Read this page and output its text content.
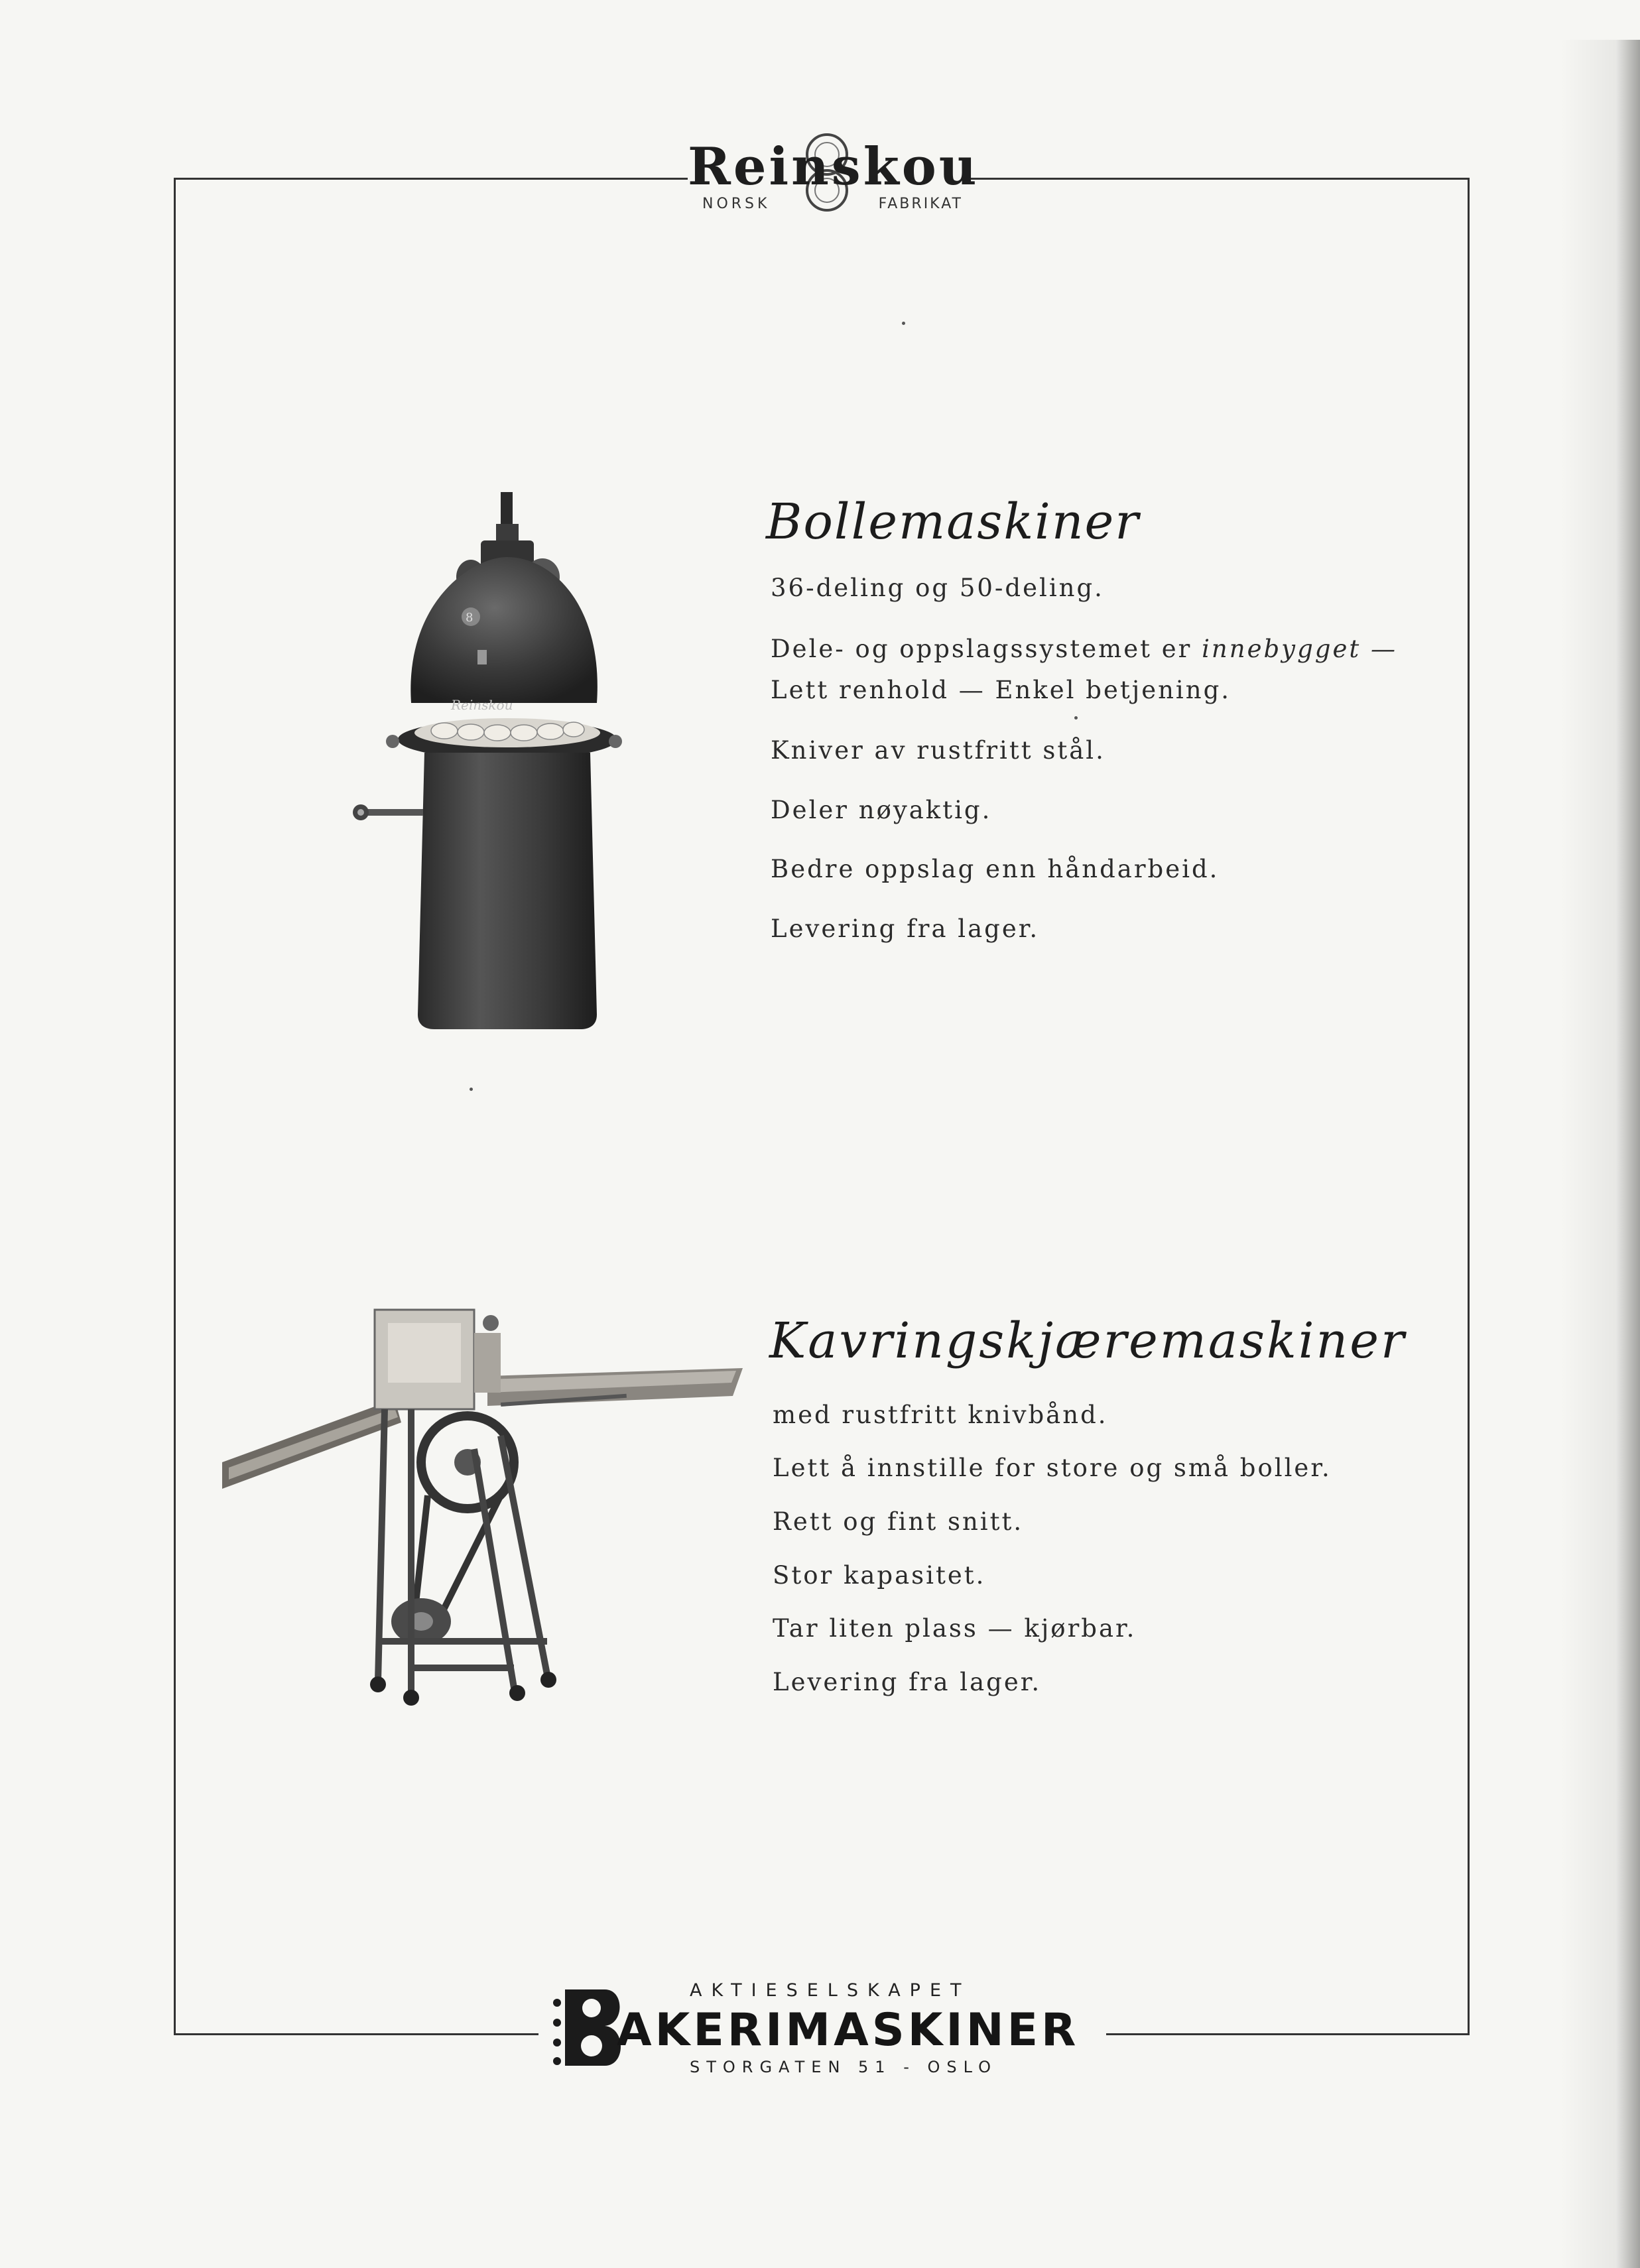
Reinskou
NORSK	FABRIKAT
8
Reinskou
Bollemaskiner
36-deling og 50-deling.
Dele- og oppslagssystemet er innebygget —
Lett renhold — Enkel betjening.
Kniver av rustfritt stål.
Deler nøyaktig.
Bedre oppslag enn håndarbeid.
Levering fra lager.
Kavringskjæremaskiner
med rustfritt knivbånd.
Lett å innstille for store og små boller.
Rett og fint snitt.
Stor kapasitet.
Tar liten plass — kjørbar.
Levering fra lager.
AKTIESELSKAPET
AKERIMASKINER
STORGATEN 51 - OSLO
